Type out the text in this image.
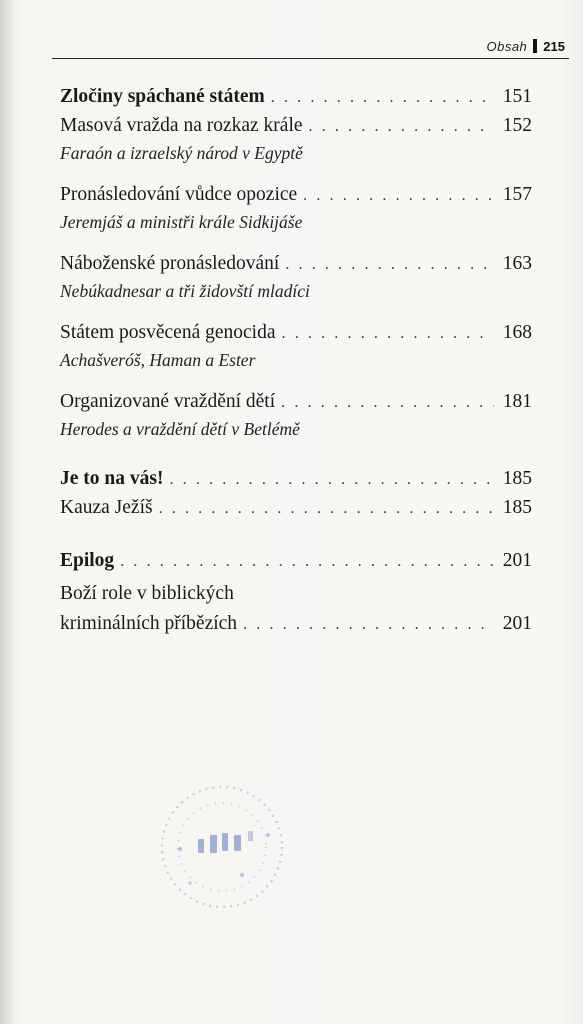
Obsah 215
Zločiny spáchané státem . . .	151
Masová vražda na rozkaz krále . . .	152
Faraón a izraelský národ v Egyptě
Pronásledování vůdce opozice . . .	157
Jeremjáš a ministři krále Sidkijáše
Náboženské pronásledování . . .	163
Nebúkadnesar a tři židovští mladíci
Státem posvěcená genocida . . .	168
Achašveróš, Haman a Ester
Organizované vraždění dětí . . .	181
Herodes a vraždění dětí v Betlémě
Je to na vás! . . .	185
Kauza Ježíš . . .	185
Epilog . . .	201
Boží role v biblických
kriminálních příbězích . . .	201
